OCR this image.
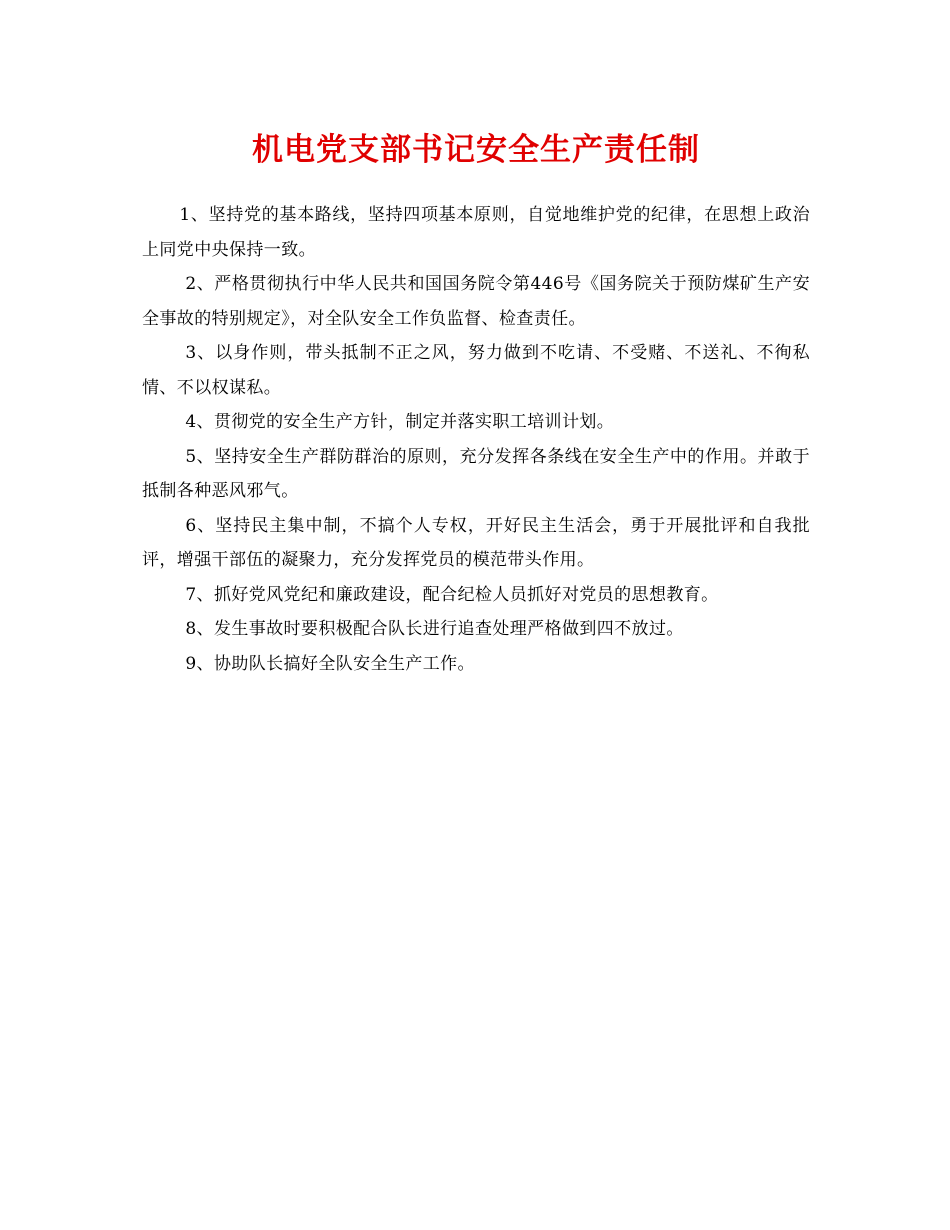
机电党支部书记安全生产责任制

1、坚持党的基本路线，坚持四项基本原则，自觉地维护党的纪律，在思想上政治上同党中央保持一致。

2、严格贯彻执行中华人民共和国国务院令第446号《国务院关于预防煤矿生产安全事故的特别规定》，对全队安全工作负监督、检查责任。

3、以身作则，带头抵制不正之风，努力做到不吃请、不受赌、不送礼、不徇私情、不以权谋私。

4、贯彻党的安全生产方针，制定并落实职工培训计划。

5、坚持安全生产群防群治的原则，充分发挥各条线在安全生产中的作用。并敢于抵制各种恶风邪气。

6、坚持民主集中制，不搞个人专权，开好民主生活会，勇于开展批评和自我批评，增强干部伍的凝聚力，充分发挥党员的模范带头作用。

7、抓好党风党纪和廉政建设，配合纪检人员抓好对党员的思想教育。

8、发生事故时要积极配合队长进行追查处理严格做到四不放过。

9、协助队长搞好全队安全生产工作。
